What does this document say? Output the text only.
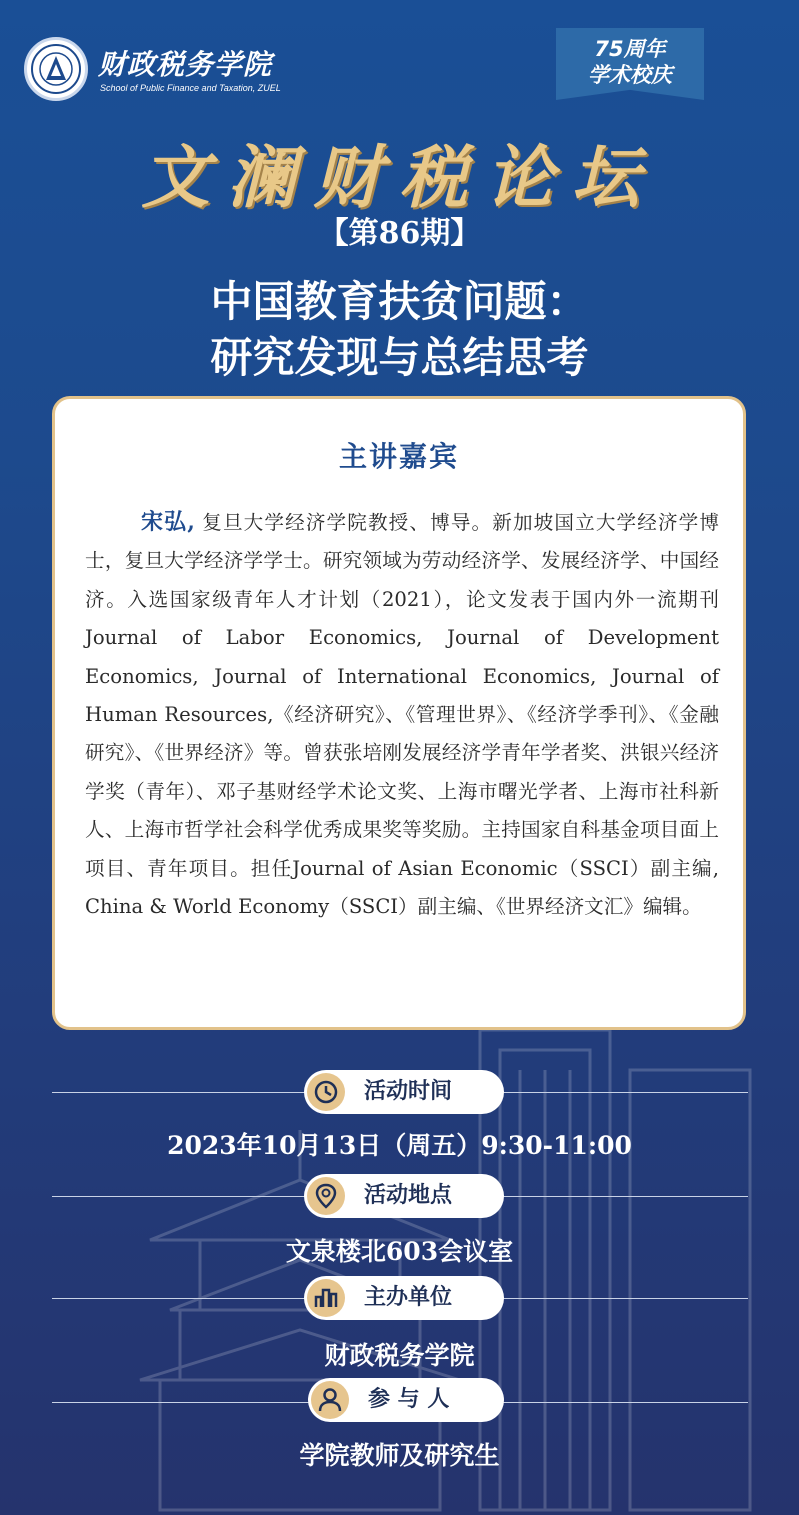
财政税务学院
School of Public Finance and Taxation, ZUEL
75周年
学术校庆
文澜财税论坛
【第86期】
中国教育扶贫问题：
研究发现与总结思考
主讲嘉宾
宋弘, 复旦大学经济学院教授、博导。新加坡国立大学经济学博士，复旦大学经济学学士。研究领域为劳动经济学、发展经济学、中国经济。入选国家级青年人才计划（2021），论文发表于国内外一流期刊Journal of Labor Economics, Journal of Development Economics, Journal of International Economics, Journal of Human Resources,《经济研究》、《管理世界》、《经济学季刊》、《金融研究》、《世界经济》等。曾获张培刚发展经济学青年学者奖、洪银兴经济学奖（青年）、邓子基财经学术论文奖、上海市曙光学者、上海市社科新人、上海市哲学社会科学优秀成果奖等奖励。主持国家自科基金项目面上项目、青年项目。担任Journal of Asian Economic（SSCI）副主编, China & World Economy（SSCI）副主编、《世界经济文汇》编辑。
活动时间
2023年10月13日（周五）9:30-11:00
活动地点
文泉楼北603会议室
主办单位
财政税务学院
参 与 人
学院教师及研究生
